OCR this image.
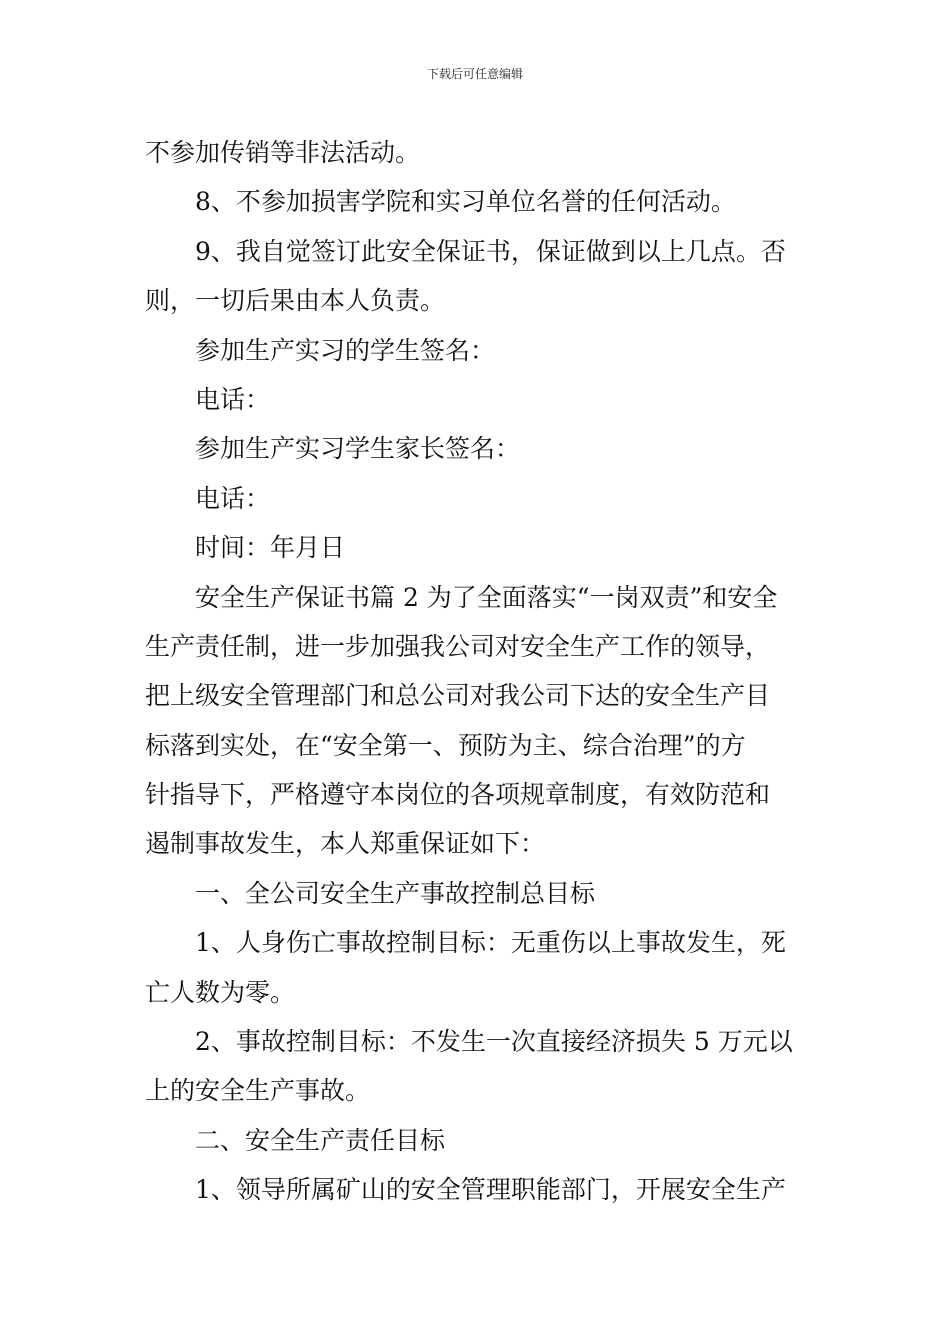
下载后可任意编辑
不参加传销等非法活动。
8、不参加损害学院和实习单位名誉的任何活动。
9、我自觉签订此安全保证书，保证做到以上几点。否
则，一切后果由本人负责。
参加生产实习的学生签名：
电话：
参加生产实习学生家长签名：
电话：
时间：年月日
安全生产保证书篇 2 为了全面落实“一岗双责”和安全
生产责任制，进一步加强我公司对安全生产工作的领导，
把上级安全管理部门和总公司对我公司下达的安全生产目
标落到实处，在“安全第一、预防为主、综合治理”的方
针指导下，严格遵守本岗位的各项规章制度，有效防范和
遏制事故发生，本人郑重保证如下：
一、全公司安全生产事故控制总目标
1、人身伤亡事故控制目标：无重伤以上事故发生，死
亡人数为零。
2、事故控制目标：不发生一次直接经济损失 5 万元以
上的安全生产事故。
二、安全生产责任目标
1、领导所属矿山的安全管理职能部门，开展安全生产
